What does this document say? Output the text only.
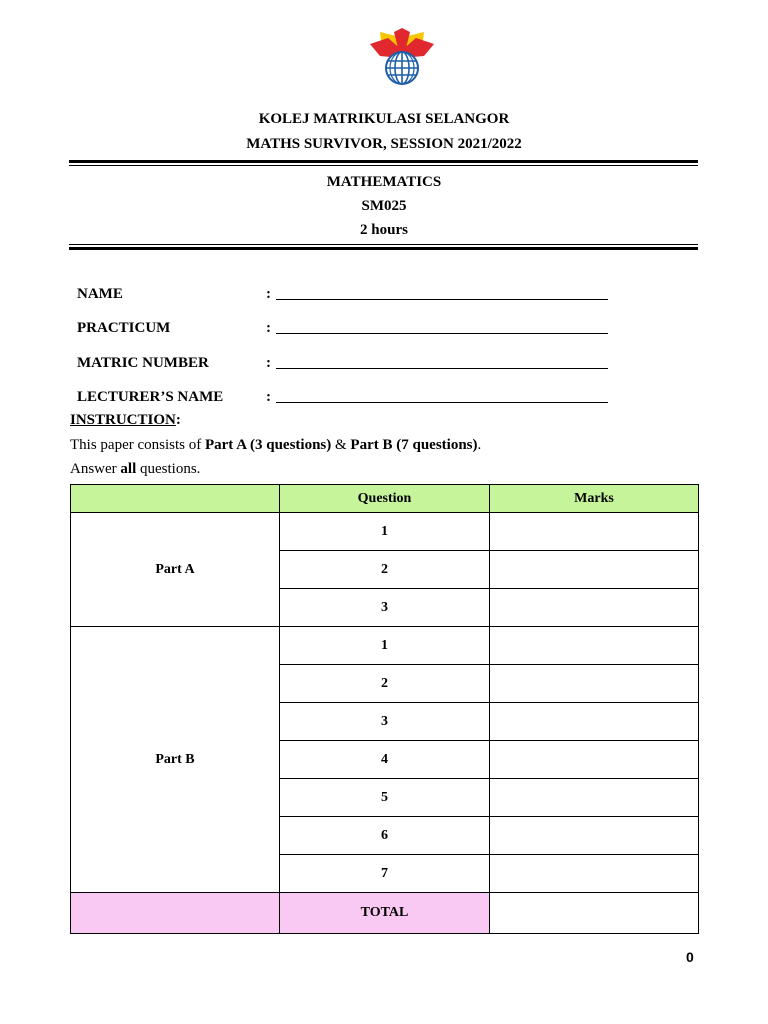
KOLEJ MATRIKULASI SELANGOR
MATHS SURVIVOR, SESSION 2021/2022
MATHEMATICS
SM025
2 hours
NAME	:
PRACTICUM	:
MATRIC NUMBER	:
LECTURER’S NAME	:
INSTRUCTION:
This paper consists of Part A (3 questions) & Part B (7 questions).
Answer all questions.
	Question	Marks
Part A	1	
	2	
	3	
Part B	1	
	2	
	3	
	4	
	5	
	6	
	7	
	TOTAL	
0
